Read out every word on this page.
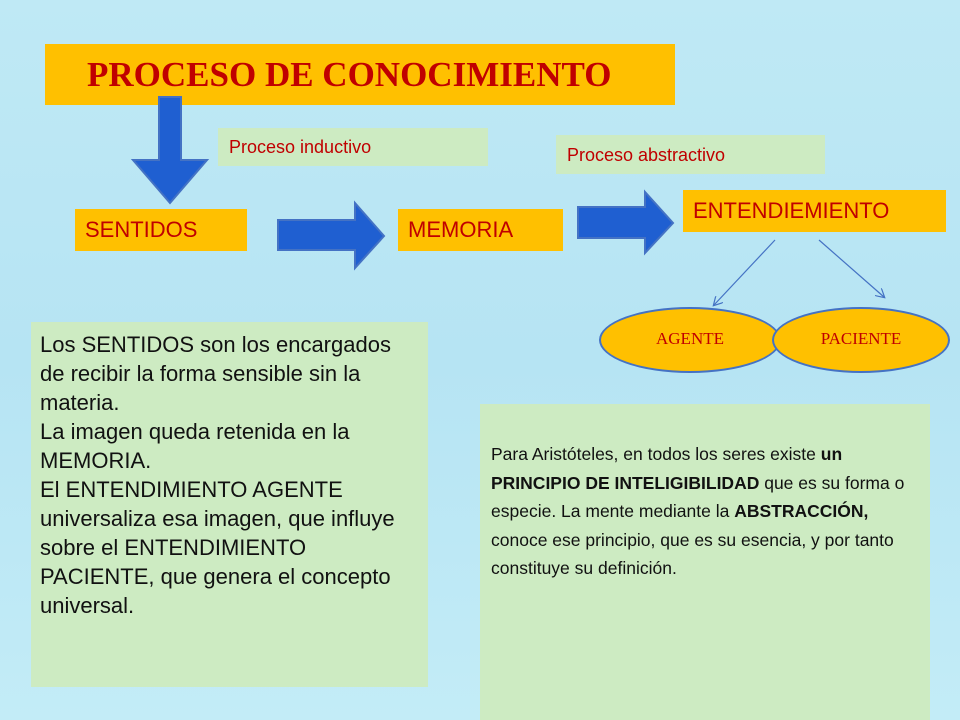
PROCESO DE CONOCIMIENTO
Proceso inductivo	Proceso abstractivo
SENTIDOS	MEMORIA
ENTENDIEMIENTO
AGENTE	PACIENTE

Los SENTIDOS son los encargados de recibir la forma sensible sin la materia.

La imagen queda retenida en la MEMORIA.

El ENTENDIMIENTO AGENTE universaliza esa imagen, que influye sobre el ENTENDIMIENTO PACIENTE, que genera el concepto universal.

Para Aristóteles, en todos los seres existe un PRINCIPIO DE INTELIGIBILIDAD que es su forma o especie. La mente mediante la ABSTRACCIÓN, conoce ese principio, que es su esencia, y por tanto constituye su definición.
